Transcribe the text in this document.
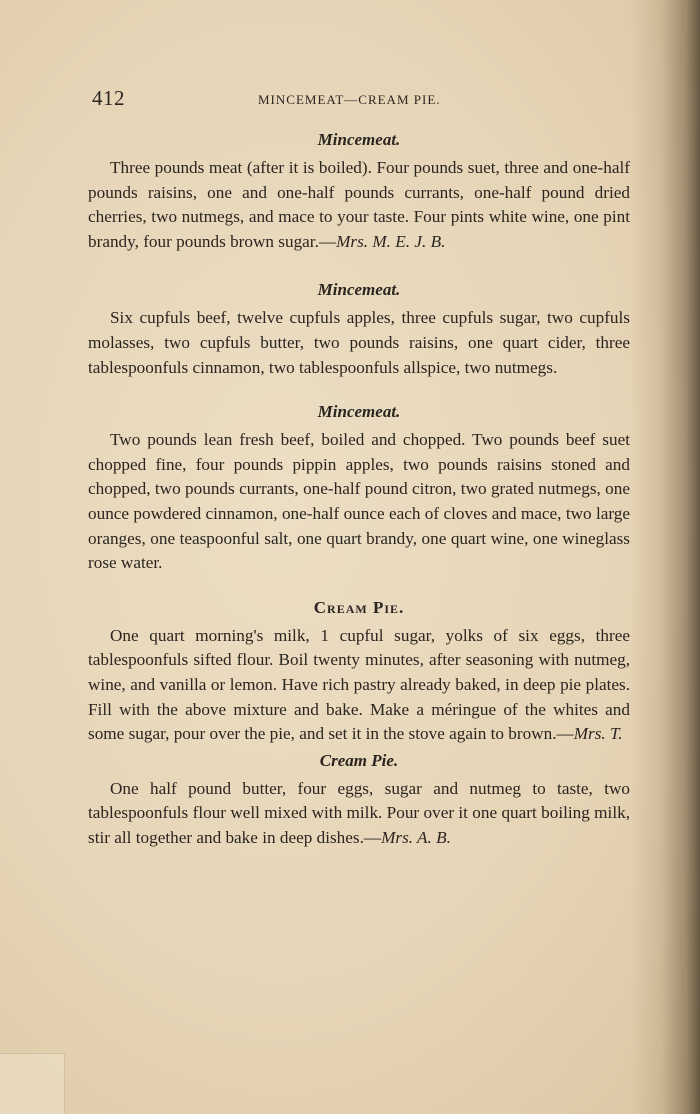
412	MINCEMEAT—CREAM PIE.
Mincemeat.

Three pounds meat (after it is boiled). Four pounds suet, three and one-half pounds raisins, one and one-half pounds currants, one-half pound dried cherries, two nutmegs, and mace to your taste. Four pints white wine, one pint brandy, four pounds brown sugar.—Mrs. M. E. J. B.

Mincemeat.

Six cupfuls beef, twelve cupfuls apples, three cupfuls sugar, two cupfuls molasses, two cupfuls butter, two pounds raisins, one quart cider, three tablespoonfuls cinnamon, two tablespoonfuls allspice, two nutmegs.

Mincemeat.

Two pounds lean fresh beef, boiled and chopped. Two pounds beef suet chopped fine, four pounds pippin apples, two pounds raisins stoned and chopped, two pounds currants, one-half pound citron, two grated nutmegs, one ounce powdered cinnamon, one-half ounce each of cloves and mace, two large oranges, one teaspoonful salt, one quart brandy, one quart wine, one wineglass rose water.

Cream Pie.

One quart morning's milk, 1 cupful sugar, yolks of six eggs, three tablespoonfuls sifted flour. Boil twenty minutes, after seasoning with nutmeg, wine, and vanilla or lemon. Have rich pastry already baked, in deep pie plates. Fill with the above mixture and bake. Make a méringue of the whites and some sugar, pour over the pie, and set it in the stove again to brown.—Mrs. T.

Cream Pie.

One half pound butter, four eggs, sugar and nutmeg to taste, two tablespoonfuls flour well mixed with milk. Pour over it one quart boiling milk, stir all together and bake in deep dishes.—Mrs. A. B.
